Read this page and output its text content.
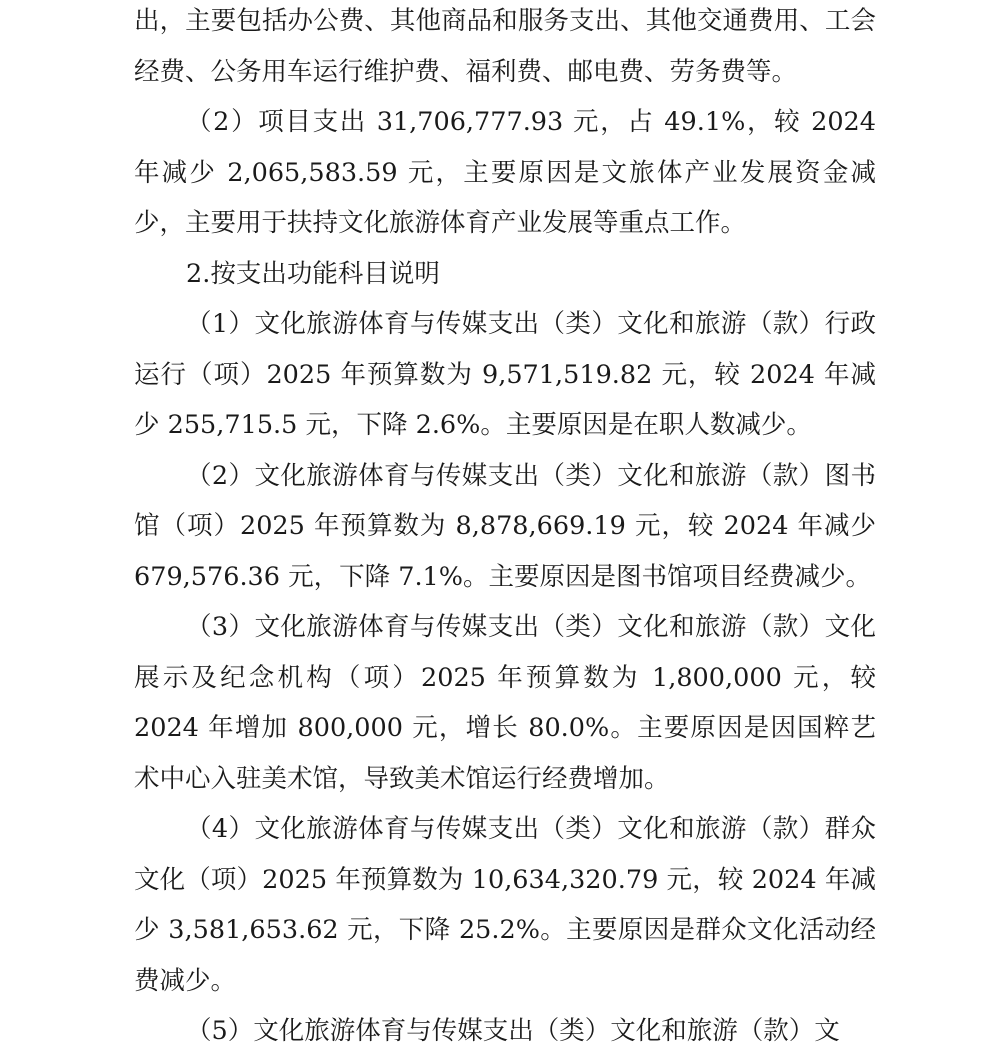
出，主要包括办公费、其他商品和服务支出、其他交通费用、工会经费、公务用车运行维护费、福利费、邮电费、劳务费等。

（2）项目支出 31,706,777.93 元，占 49.1%，较 2024 年减少 2,065,583.59 元，主要原因是文旅体产业发展资金减少，主要用于扶持文化旅游体育产业发展等重点工作。

2.按支出功能科目说明

（1）文化旅游体育与传媒支出（类）文化和旅游（款）行政运行（项）2025 年预算数为 9,571,519.82 元，较 2024 年减少 255,715.5 元，下降 2.6%。主要原因是在职人数减少。

（2）文化旅游体育与传媒支出（类）文化和旅游（款）图书馆（项）2025 年预算数为 8,878,669.19 元，较 2024 年减少 679,576.36 元，下降 7.1%。主要原因是图书馆项目经费减少。

（3）文化旅游体育与传媒支出（类）文化和旅游（款）文化展示及纪念机构（项）2025 年预算数为 1,800,000 元，较 2024 年增加 800,000 元，增长 80.0%。主要原因是因国粹艺术中心入驻美术馆，导致美术馆运行经费增加。

（4）文化旅游体育与传媒支出（类）文化和旅游（款）群众文化（项）2025 年预算数为 10,634,320.79 元，较 2024 年减少 3,581,653.62 元，下降 25.2%。主要原因是群众文化活动经费减少。

（5）文化旅游体育与传媒支出（类）文化和旅游（款）文
